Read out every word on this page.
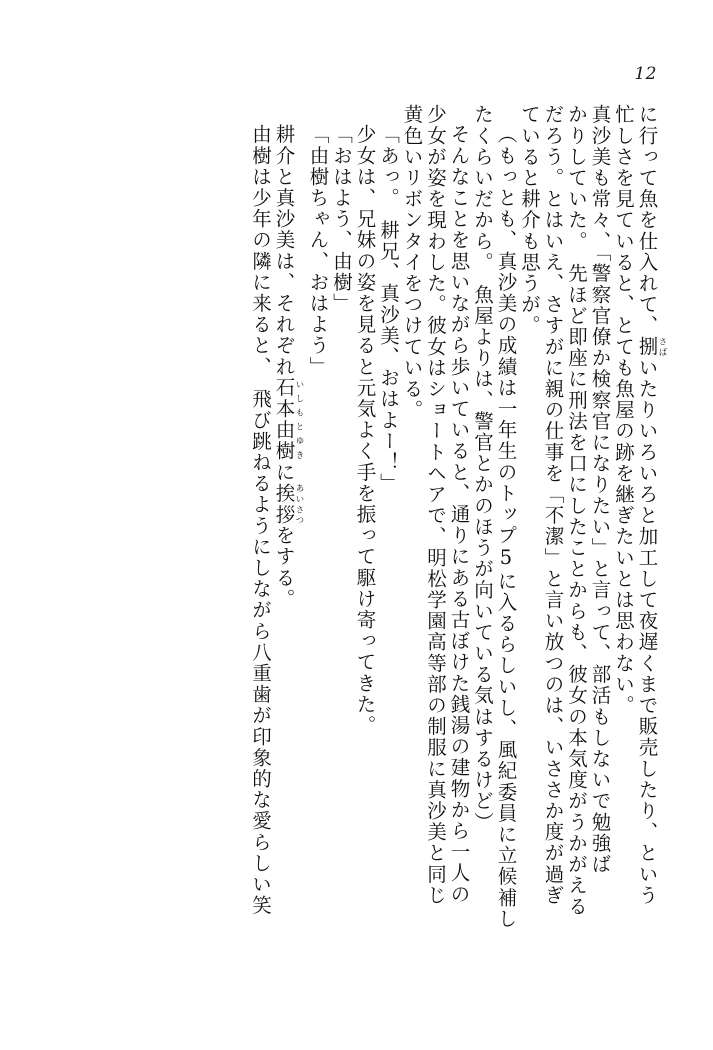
12
に行って魚を仕入れて、捌さばいたりいろいろと加工して夜遅くまで販売したり、という
忙しさを見ていると、とても魚屋の跡を継ぎたいとは思わない。
真沙美も常々、「警察官僚か検察官になりたい」と言って、部活もしないで勉強ば
かりしていた。　先ほど即座に刑法を口にしたことからも、彼女の本気度がうかがえる
だろう。とはいえ、さすがに親の仕事を「不潔」と言い放つのは、いささか度が過ぎ
ていると耕介も思うが。
（もっとも、真沙美の成績は一年生のトップ5に入るらしいし、風紀委員に立候補し
たくらいだから。　魚屋よりは、警官とかのほうが向いている気はするけど）
そんなことを思いながら歩いていると、通りにある古ぼけた銭湯の建物から一人の
少女が姿を現わした。彼女はショートヘアで、明松学園高等部の制服に真沙美と同じ
黄色いリボンタイをつけている。
「あっ。　耕兄、真沙美、おはよー！」
少女は、兄妹の姿を見ると元気よく手を振って駆け寄ってきた。
「おはよう、由樹」
「由樹ちゃん、おはよう」
耕介と真沙美は、それぞれ石本由樹いしもとゆきに挨拶あいさつをする。
由樹は少年の隣に来ると、　飛び跳ねるようにしながら八重歯が印象的な愛らしい笑
